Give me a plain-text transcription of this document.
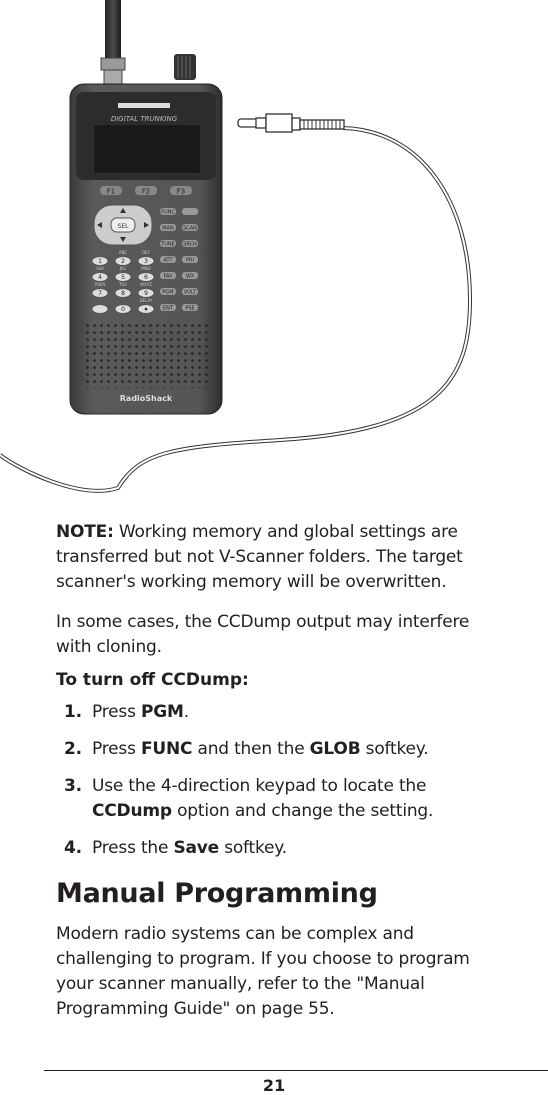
DIGITAL TRUNKING
F1	F2	F3
SEL
FUNC
MAN SCAN
TUNE SRCH
ATT	PRI
FAV	WX
PGM VOLT
ENT PSE
ABC	DEF
GHI	JKL	MNO
PQRS	TUV	WXYZ
DELAY
1	2	3
4	5	6
7	8	9
0
RadioShack

NOTE: Working memory and global settings are transferred but not V-Scanner folders. The target scanner's working memory will be overwritten.

In some cases, the CCDump output may interfere with cloning.

To turn off CCDump:

1. Press PGM.
2. Press FUNC and then the GLOB softkey.
3. Use the 4-direction keypad to locate the CCDump option and change the setting.
4. Press the Save softkey.
Manual Programming

Modern radio systems can be complex and challenging to program. If you choose to program your scanner manually, refer to the "Manual Programming Guide" on page 55.

21
